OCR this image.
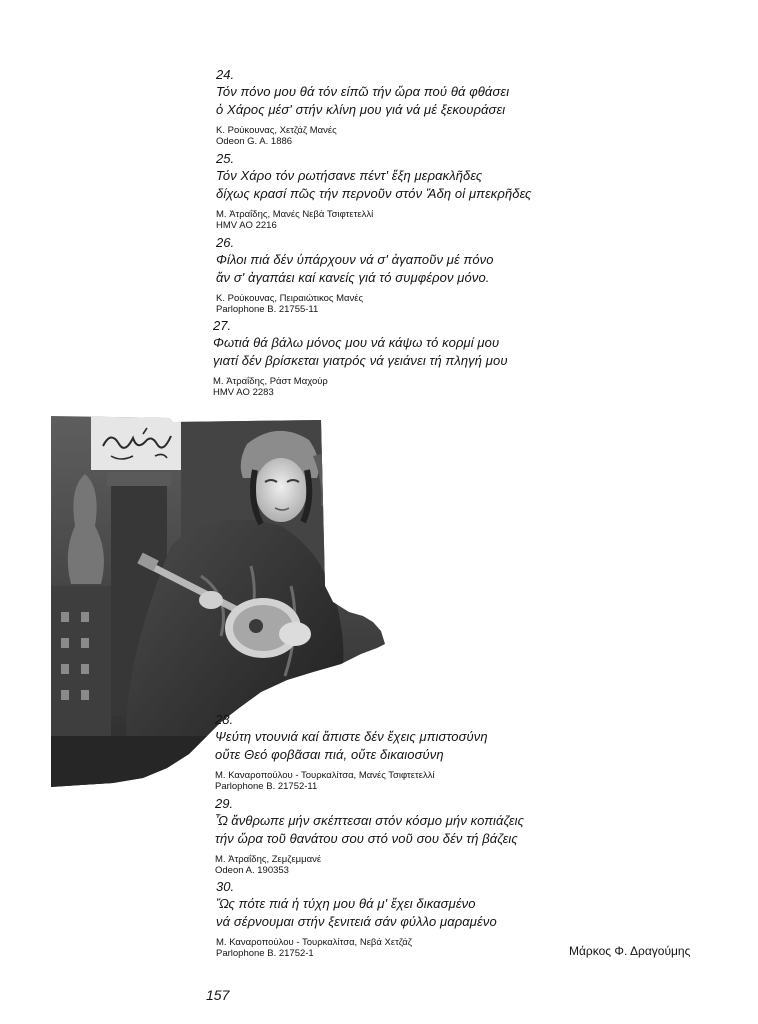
24.
Τόν πόνο μου θά τόν είπῶ τήν ὥρα πού θά φθάσει
ὁ Χάρος μέσ' στήν κλίνη μου γιά νά μέ ξεκουράσει
Κ. Ρούκουνας, Χετζάζ Μανές
Odeon G. A. 1886
25.
Τόν Χάρο τόν ρωτήσανε πέντ' ἔξη μερακλῆδες
δίχως κρασί πῶς τήν περνοῦν στόν Ἅδη οἱ μπεκρῆδες
Μ. Ἀτραΐδης, Μανές Νεβά Τσιφτετελλί
HMV AO 2216
26.
Φίλοι πιά δέν ὑπάρχουν νά σ' ἀγαποῦν μέ πόνο
ἄν σ' ἀγαπάει καί κανείς γιά τό συμφέρον μόνο.
Κ. Ρούκουνας, Πειραιώτικος Μανές
Parlophone B. 21755-11
27.
Φωτιά θά βάλω μόνος μου νά κάψω τό κορμί μου
γιατί δέν βρίσκεται γιατρός νά γειάνει τή πληγή μου
Μ. Ἀτραΐδης, Ράστ Μαχούρ
HMV AO 2283
28.
Ψεύτη ντουνιά καί ἄπιστε δέν ἔχεις μπιστοσύνη
οὔτε Θεό φοβᾶσαι πιά, οὔτε δικαιοσύνη
Μ. Καναροπούλου - Τουρκαλίτσα, Μανές Τσιφτετελλί
Parlophone B. 21752-11
29.
Ὦ ἄνθρωπε μήν σκέπτεσαι στόν κόσμο μήν κοπιάζεις
τήν ὥρα τοῦ θανάτου σου στό νοῦ σου δέν τή βάζεις
Μ. Ἀτραΐδης, Ζεμζεμμανέ
Odeon A. 190353
30.
Ὤς πότε πιά ἡ τύχη μου θά μ' ἔχει δικασμένο
νά σέρνουμαι στήν ξενιτειά σάν φύλλο μαραμένο
Μ. Καναροπούλου - Τουρκαλίτσα, Νεβά Χετζάζ
Parlophone B. 21752-1	Μάρκος Φ. Δραγούμης
157
